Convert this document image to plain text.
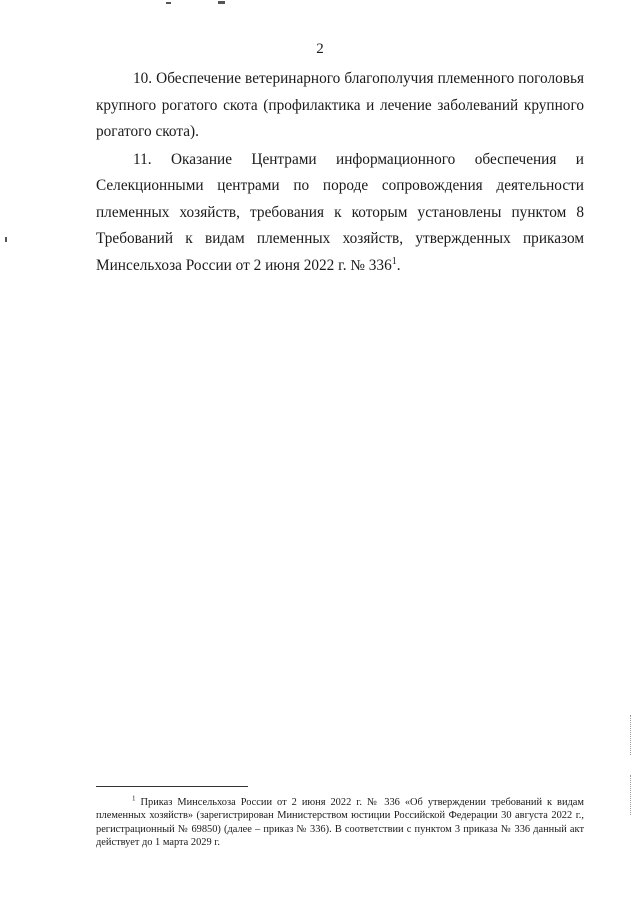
2

10. Обеспечение ветеринарного благополучия племенного поголовья крупного рогатого скота (профилактика и лечение заболеваний крупного рогатого скота).

11. Оказание Центрами информационного обеспечения и Селекционными центрами по породе сопровождения деятельности племенных хозяйств, требования к которым установлены пунктом 8 Требований к видам племенных хозяйств, утвержденных приказом Минсельхоза России от 2 июня 2022 г. № 336$^1$.

$^1$ Приказ Минсельхоза России от 2 июня 2022 г. № 336 «Об утверждении требований к видам племенных хозяйств» (зарегистрирован Министерством юстиции Российской Федерации 30 августа 2022 г., регистрационный № 69850) (далее – приказ № 336). В соответствии с пунктом 3 приказа № 336 данный акт действует до 1 марта 2029 г.
